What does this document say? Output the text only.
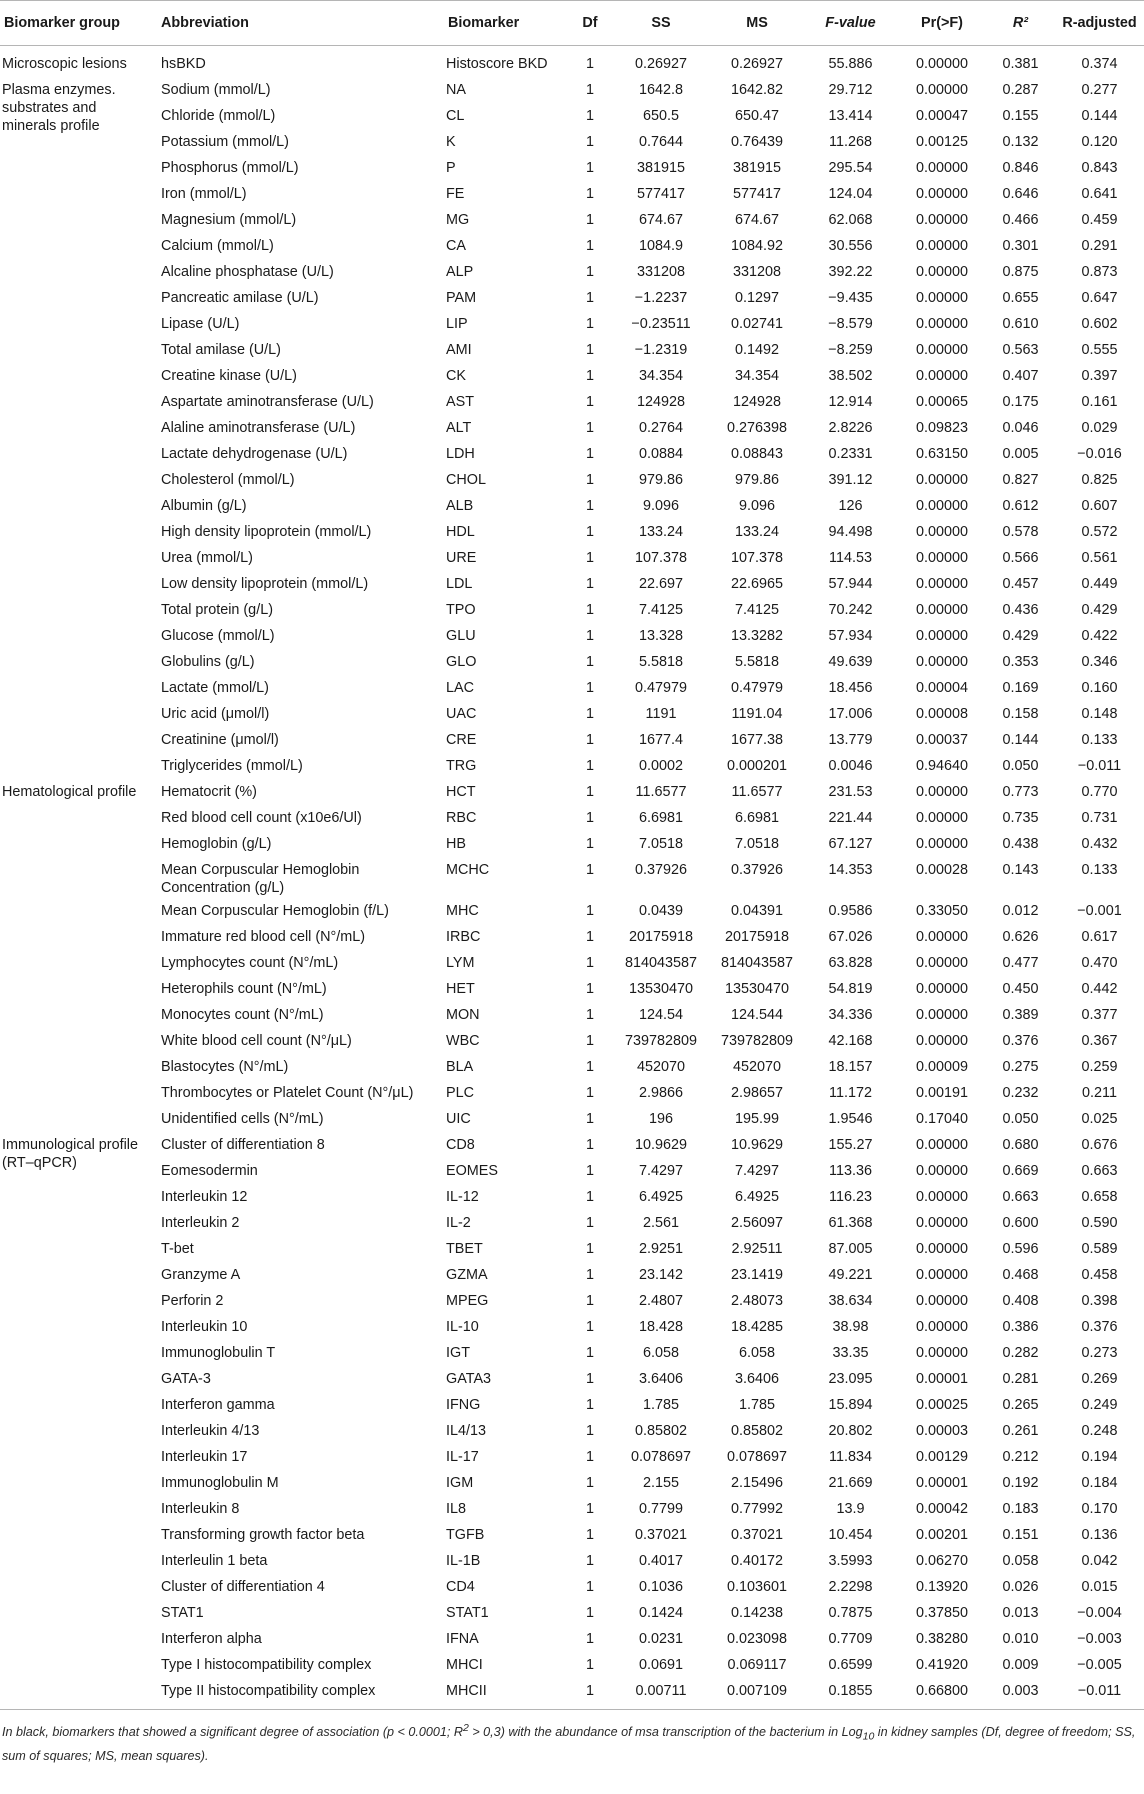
Biomarker group	Abbreviation	Biomarker	Df	SS	MS	F-value	Pr(>F)	R²	R-adjusted
Microscopic lesions	hsBKD	Histoscore BKD	1	0.26927	0.26927	55.886	0.00000	0.381	0.374
Plasma enzymes. substrates and minerals profile	Sodium (mmol/L)	NA	1	1642.8	1642.82	29.712	0.00000	0.287	0.277
	Chloride (mmol/L)	CL	1	650.5	650.47	13.414	0.00047	0.155	0.144
	Potassium (mmol/L)	K	1	0.7644	0.76439	11.268	0.00125	0.132	0.120
	Phosphorus (mmol/L)	P	1	381915	381915	295.54	0.00000	0.846	0.843
	Iron (mmol/L)	FE	1	577417	577417	124.04	0.00000	0.646	0.641
	Magnesium (mmol/L)	MG	1	674.67	674.67	62.068	0.00000	0.466	0.459
	Calcium (mmol/L)	CA	1	1084.9	1084.92	30.556	0.00000	0.301	0.291
	Alcaline phosphatase (U/L)	ALP	1	331208	331208	392.22	0.00000	0.875	0.873
	Pancreatic amilase (U/L)	PAM	1	−1.2237	0.1297	−9.435	0.00000	0.655	0.647
	Lipase (U/L)	LIP	1	−0.23511	0.02741	−8.579	0.00000	0.610	0.602
	Total amilase (U/L)	AMI	1	−1.2319	0.1492	−8.259	0.00000	0.563	0.555
	Creatine kinase (U/L)	CK	1	34.354	34.354	38.502	0.00000	0.407	0.397
	Aspartate aminotransferase (U/L)	AST	1	124928	124928	12.914	0.00065	0.175	0.161
	Alaline aminotransferase (U/L)	ALT	1	0.2764	0.276398	2.8226	0.09823	0.046	0.029
	Lactate dehydrogenase (U/L)	LDH	1	0.0884	0.08843	0.2331	0.63150	0.005	−0.016
	Cholesterol (mmol/L)	CHOL	1	979.86	979.86	391.12	0.00000	0.827	0.825
	Albumin (g/L)	ALB	1	9.096	9.096	126	0.00000	0.612	0.607
	High density lipoprotein (mmol/L)	HDL	1	133.24	133.24	94.498	0.00000	0.578	0.572
	Urea (mmol/L)	URE	1	107.378	107.378	114.53	0.00000	0.566	0.561
	Low density lipoprotein (mmol/L)	LDL	1	22.697	22.6965	57.944	0.00000	0.457	0.449
	Total protein (g/L)	TPO	1	7.4125	7.4125	70.242	0.00000	0.436	0.429
	Glucose (mmol/L)	GLU	1	13.328	13.3282	57.934	0.00000	0.429	0.422
	Globulins (g/L)	GLO	1	5.5818	5.5818	49.639	0.00000	0.353	0.346
	Lactate (mmol/L)	LAC	1	0.47979	0.47979	18.456	0.00004	0.169	0.160
	Uric acid (μmol/l)	UAC	1	1191	1191.04	17.006	0.00008	0.158	0.148
	Creatinine (μmol/l)	CRE	1	1677.4	1677.38	13.779	0.00037	0.144	0.133
	Triglycerides (mmol/L)	TRG	1	0.0002	0.000201	0.0046	0.94640	0.050	−0.011
Hematological profile	Hematocrit (%)	HCT	1	11.6577	11.6577	231.53	0.00000	0.773	0.770
	Red blood cell count (x10e6/Ul)	RBC	1	6.6981	6.6981	221.44	0.00000	0.735	0.731
	Hemoglobin (g/L)	HB	1	7.0518	7.0518	67.127	0.00000	0.438	0.432
	Mean Corpuscular Hemoglobin Concentration (g/L)	MCHC	1	0.37926	0.37926	14.353	0.00028	0.143	0.133
	Mean Corpuscular Hemoglobin (f/L)	MHC	1	0.0439	0.04391	0.9586	0.33050	0.012	−0.001
	Immature red blood cell (N°/mL)	IRBC	1	20175918	20175918	67.026	0.00000	0.626	0.617
	Lymphocytes count (N°/mL)	LYM	1	814043587	814043587	63.828	0.00000	0.477	0.470
	Heterophils count (N°/mL)	HET	1	13530470	13530470	54.819	0.00000	0.450	0.442
	Monocytes count (N°/mL)	MON	1	124.54	124.544	34.336	0.00000	0.389	0.377
	White blood cell count (N°/μL)	WBC	1	739782809	739782809	42.168	0.00000	0.376	0.367
	Blastocytes (N°/mL)	BLA	1	452070	452070	18.157	0.00009	0.275	0.259
	Thrombocytes or Platelet Count (N°/μL)	PLC	1	2.9866	2.98657	11.172	0.00191	0.232	0.211
	Unidentified cells (N°/mL)	UIC	1	196	195.99	1.9546	0.17040	0.050	0.025
Immunological profile (RT–qPCR)	Cluster of differentiation 8	CD8	1	10.9629	10.9629	155.27	0.00000	0.680	0.676
	Eomesodermin	EOMES	1	7.4297	7.4297	113.36	0.00000	0.669	0.663
	Interleukin 12	IL-12	1	6.4925	6.4925	116.23	0.00000	0.663	0.658
	Interleukin 2	IL-2	1	2.561	2.56097	61.368	0.00000	0.600	0.590
	T-bet	TBET	1	2.9251	2.92511	87.005	0.00000	0.596	0.589
	Granzyme A	GZMA	1	23.142	23.1419	49.221	0.00000	0.468	0.458
	Perforin 2	MPEG	1	2.4807	2.48073	38.634	0.00000	0.408	0.398
	Interleukin 10	IL-10	1	18.428	18.4285	38.98	0.00000	0.386	0.376
	Immunoglobulin T	IGT	1	6.058	6.058	33.35	0.00000	0.282	0.273
	GATA-3	GATA3	1	3.6406	3.6406	23.095	0.00001	0.281	0.269
	Interferon gamma	IFNG	1	1.785	1.785	15.894	0.00025	0.265	0.249
	Interleukin 4/13	IL4/13	1	0.85802	0.85802	20.802	0.00003	0.261	0.248
	Interleukin 17	IL-17	1	0.078697	0.078697	11.834	0.00129	0.212	0.194
	Immunoglobulin M	IGM	1	2.155	2.15496	21.669	0.00001	0.192	0.184
	Interleukin 8	IL8	1	0.7799	0.77992	13.9	0.00042	0.183	0.170
	Transforming growth factor beta	TGFB	1	0.37021	0.37021	10.454	0.00201	0.151	0.136
	Interleulin 1 beta	IL-1B	1	0.4017	0.40172	3.5993	0.06270	0.058	0.042
	Cluster of differentiation 4	CD4	1	0.1036	0.103601	2.2298	0.13920	0.026	0.015
	STAT1	STAT1	1	0.1424	0.14238	0.7875	0.37850	0.013	−0.004
	Interferon alpha	IFNA	1	0.0231	0.023098	0.7709	0.38280	0.010	−0.003
	Type I histocompatibility complex	MHCI	1	0.0691	0.069117	0.6599	0.41920	0.009	−0.005
	Type II histocompatibility complex	MHCII	1	0.00711	0.007109	0.1855	0.66800	0.003	−0.011
In black, biomarkers that showed a significant degree of association (p < 0.0001; $R^2 > 0,3$) with the abundance of msa transcription of the bacterium in Log$_{10}$ in kidney samples (Df, degree of freedom; SS, sum of squares; MS, mean squares).
